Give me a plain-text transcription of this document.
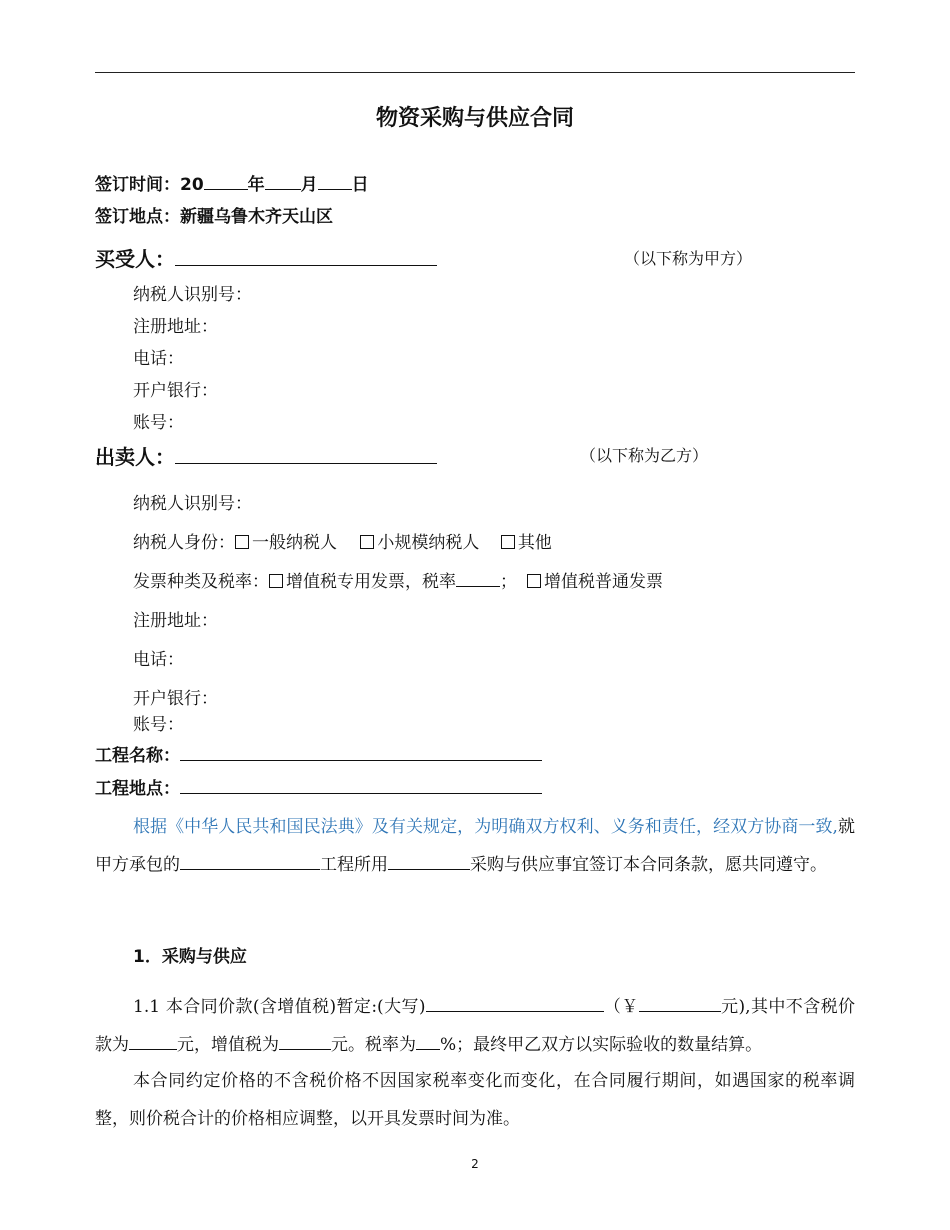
物资采购与供应合同
签订时间：20	年 月 日
签订地点：新疆乌鲁木齐天山区
买受人：	（以下称为甲方）
纳税人识别号：
注册地址：
电话：
开户银行：
账号：
出卖人：	（以下称为乙方）
纳税人识别号：
纳税人身份： 一般纳税人 小规模纳税人 其他
发票种类及税率： 增值税专用发票，税率	； 增值税普通发票
注册地址：
电话：
开户银行：
账号：
工程名称：
工程地点：
根据《中华人民共和国民法典》及有关规定，为明确双方权利、义务和责任，经双方协商一致,就甲方承包的	工程所用	采购与供应事宜签订本合同条款，愿共同遵守。
1．采购与供应
1.1 本合同价款(含增值税)暂定:(大写)	（￥	元),其中不含税价款为	元，增值税为	元。税率为 %；最终甲乙双方以实际验收的数量结算。
本合同约定价格的不含税价格不因国家税率变化而变化，在合同履行期间，如遇国家的税率调整，则价税合计的价格相应调整，以开具发票时间为准。
2
